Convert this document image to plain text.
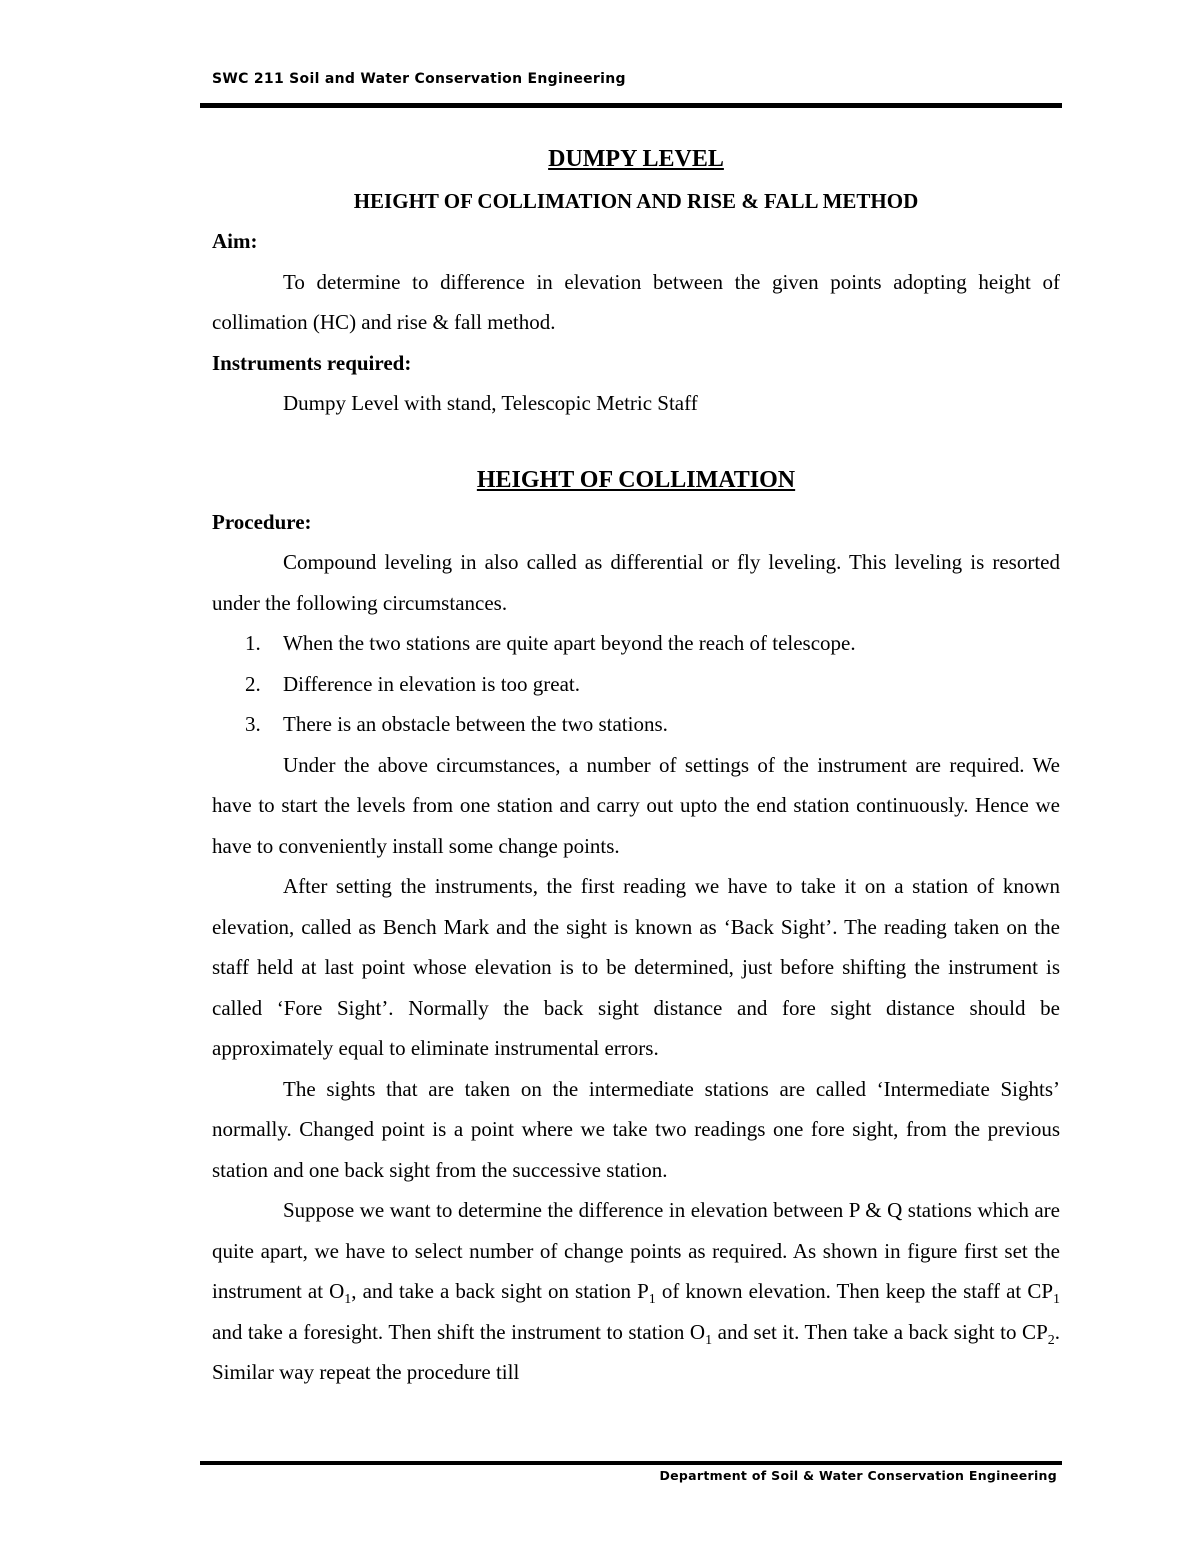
SWC 211 Soil and Water Conservation Engineering
DUMPY LEVEL
HEIGHT OF COLLIMATION AND RISE & FALL METHOD

Aim:

To determine to difference in elevation between the given points adopting height of collimation (HC) and rise & fall method.

Instruments required:

Dumpy Level with stand, Telescopic Metric Staff

HEIGHT OF COLLIMATION

Procedure:

Compound leveling in also called as differential or fly leveling. This leveling is resorted under the following circumstances.

1.	When the two stations are quite apart beyond the reach of telescope.
2.	Difference in elevation is too great.
3.	There is an obstacle between the two stations.

Under the above circumstances, a number of settings of the instrument are required. We have to start the levels from one station and carry out upto the end station continuously. Hence we have to conveniently install some change points.

After setting the instruments, the first reading we have to take it on a station of known elevation, called as Bench Mark and the sight is known as ‘Back Sight’. The reading taken on the staff held at last point whose elevation is to be determined, just before shifting the instrument is called ‘Fore Sight’. Normally the back sight distance and fore sight distance should be approximately equal to eliminate instrumental errors.

The sights that are taken on the intermediate stations are called ‘Intermediate Sights’ normally. Changed point is a point where we take two readings one fore sight, from the previous station and one back sight from the successive station.

Suppose we want to determine the difference in elevation between P & Q stations which are quite apart, we have to select number of change points as required. As shown in figure first set the instrument at $O_1$, and take a back sight on station $P_1$ of known elevation. Then keep the staff at $CP_1$ and take a foresight. Then shift the instrument to station $O_1$ and set it. Then take a back sight to $CP_2$. Similar way repeat the procedure till

Department of Soil & Water Conservation Engineering
